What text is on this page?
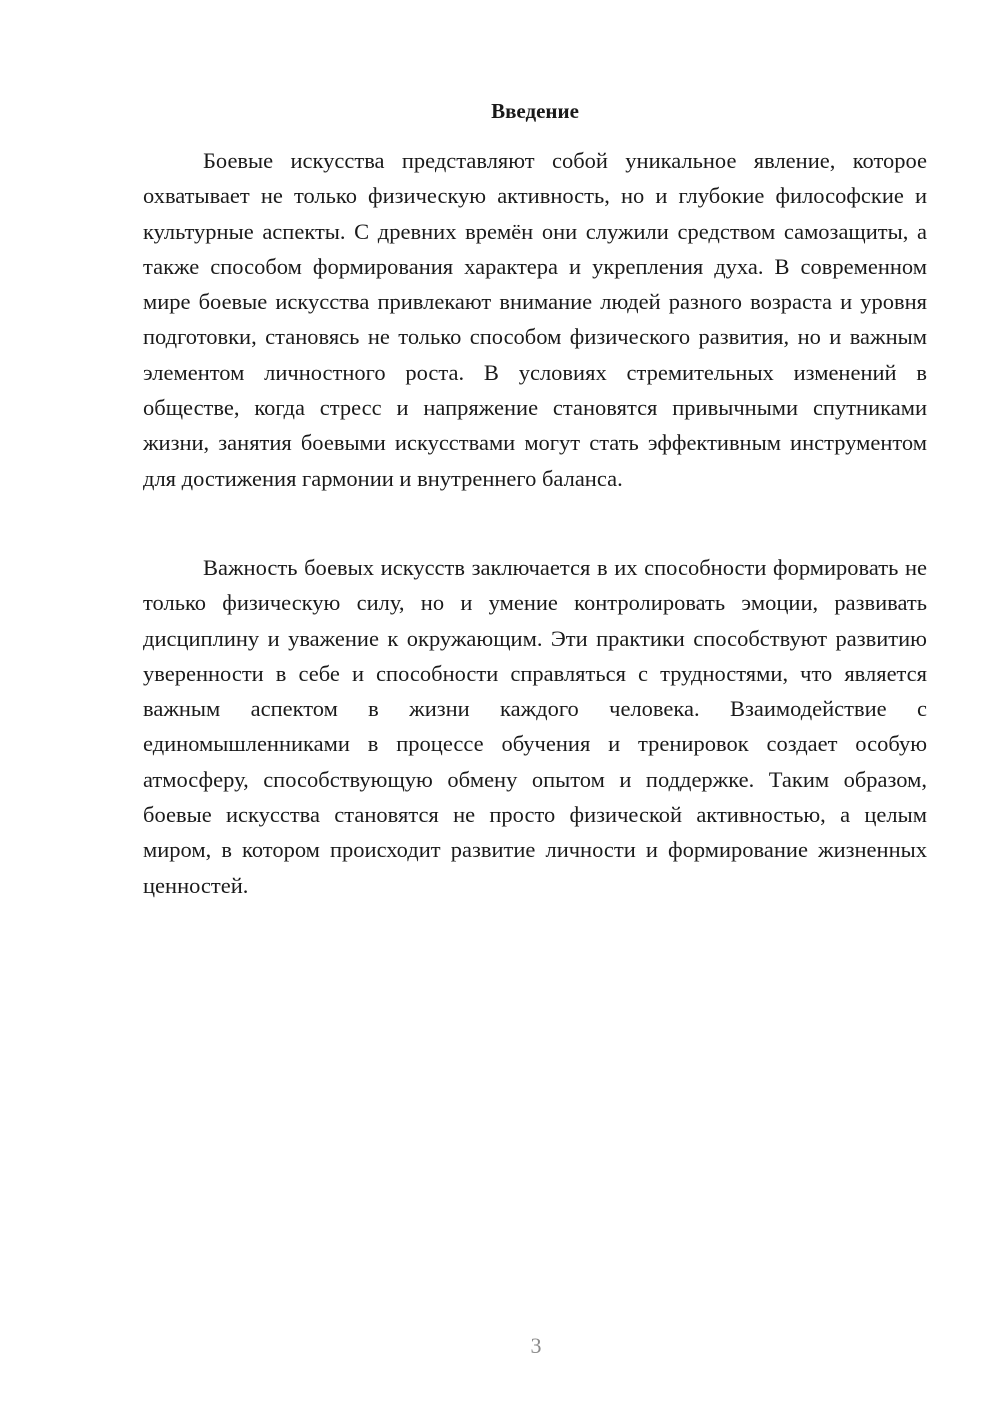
Введение

Боевые искусства представляют собой уникальное явление, которое охватывает не только физическую активность, но и глубокие философские и культурные аспекты. С древних времён они служили средством самозащиты, а также способом формирования характера и укрепления духа. В современном мире боевые искусства привлекают внимание людей разного возраста и уровня подготовки, становясь не только способом физического развития, но и важным элементом личностного роста. В условиях стремительных изменений в обществе, когда стресс и напряжение становятся привычными спутниками жизни, занятия боевыми искусствами могут стать эффективным инструментом для достижения гармонии и внутреннего баланса.

Важность боевых искусств заключается в их способности формировать не только физическую силу, но и умение контролировать эмоции, развивать дисциплину и уважение к окружающим. Эти практики способствуют развитию уверенности в себе и способности справляться с трудностями, что является важным аспектом в жизни каждого человека. Взаимодействие с единомышленниками в процессе обучения и тренировок создает особую атмосферу, способствующую обмену опытом и поддержке. Таким образом, боевые искусства становятся не просто физической активностью, а целым миром, в котором происходит развитие личности и формирование жизненных ценностей.

3
